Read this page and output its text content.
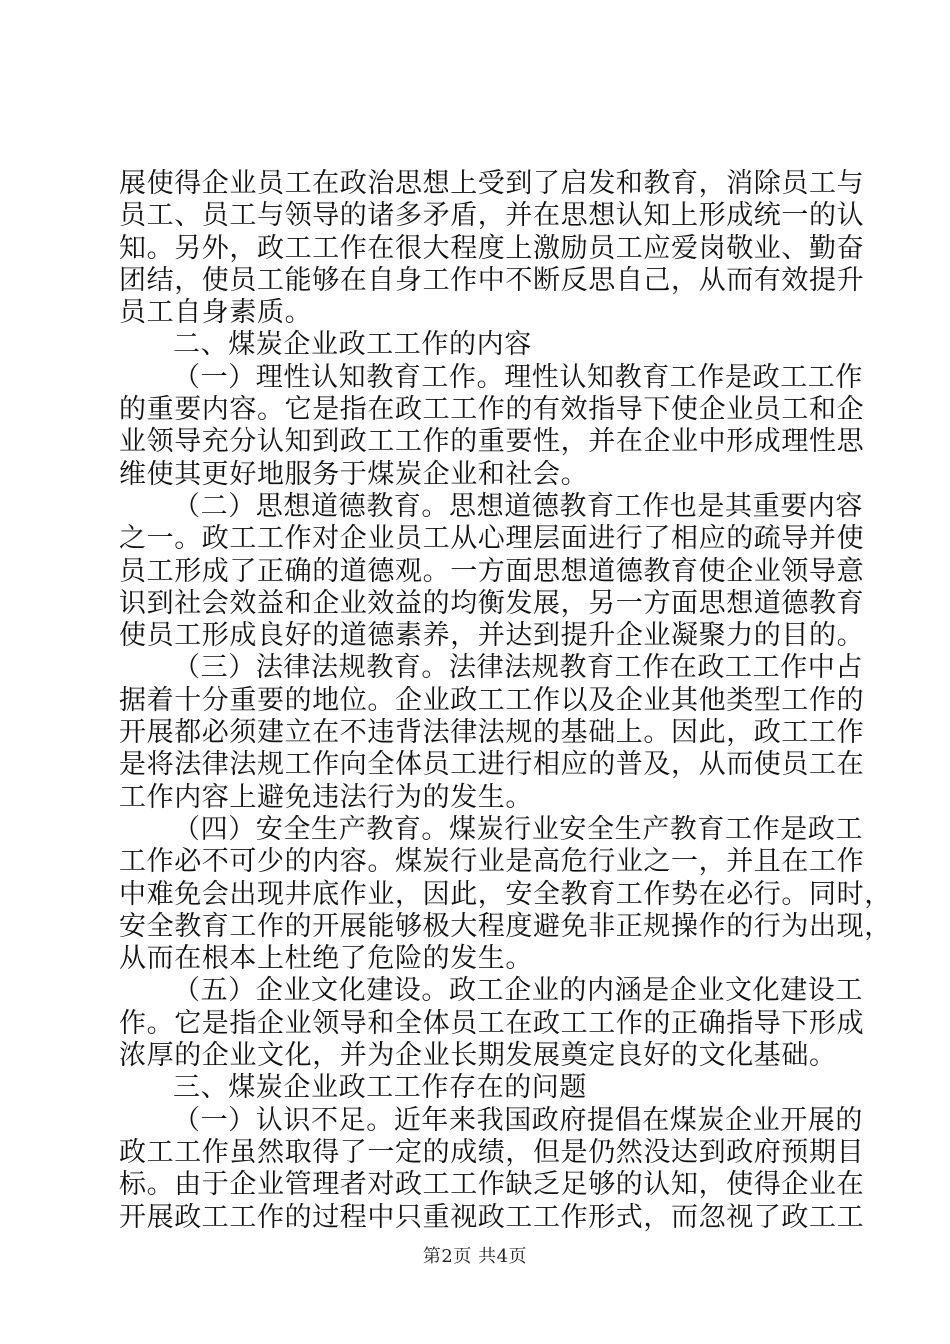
展使得企业员工在政治思想上受到了启发和教育，消除员工与
员工、员工与领导的诸多矛盾，并在思想认知上形成统一的认
知。另外，政工工作在很大程度上激励员工应爱岗敬业、勤奋
团结，使员工能够在自身工作中不断反思自己，从而有效提升
员工自身素质。
二、煤炭企业政工工作的内容
（一）理性认知教育工作。理性认知教育工作是政工工作
的重要内容。它是指在政工工作的有效指导下使企业员工和企
业领导充分认知到政工工作的重要性，并在企业中形成理性思
维使其更好地服务于煤炭企业和社会。
（二）思想道德教育。思想道德教育工作也是其重要内容
之一。政工工作对企业员工从心理层面进行了相应的疏导并使
员工形成了正确的道德观。一方面思想道德教育使企业领导意
识到社会效益和企业效益的均衡发展，另一方面思想道德教育
使员工形成良好的道德素养，并达到提升企业凝聚力的目的。
（三）法律法规教育。法律法规教育工作在政工工作中占
据着十分重要的地位。企业政工工作以及企业其他类型工作的
开展都必须建立在不违背法律法规的基础上。因此，政工工作
是将法律法规工作向全体员工进行相应的普及，从而使员工在
工作内容上避免违法行为的发生。
（四）安全生产教育。煤炭行业安全生产教育工作是政工
工作必不可少的内容。煤炭行业是高危行业之一，并且在工作
中难免会出现井底作业，因此，安全教育工作势在必行。同时，
安全教育工作的开展能够极大程度避免非正规操作的行为出现，
从而在根本上杜绝了危险的发生。
（五）企业文化建设。政工企业的内涵是企业文化建设工
作。它是指企业领导和全体员工在政工工作的正确指导下形成
浓厚的企业文化，并为企业长期发展奠定良好的文化基础。
三、煤炭企业政工工作存在的问题
（一）认识不足。近年来我国政府提倡在煤炭企业开展的
政工工作虽然取得了一定的成绩，但是仍然没达到政府预期目
标。由于企业管理者对政工工作缺乏足够的认知，使得企业在
开展政工工作的过程中只重视政工工作形式，而忽视了政工工
第2页 共4页
